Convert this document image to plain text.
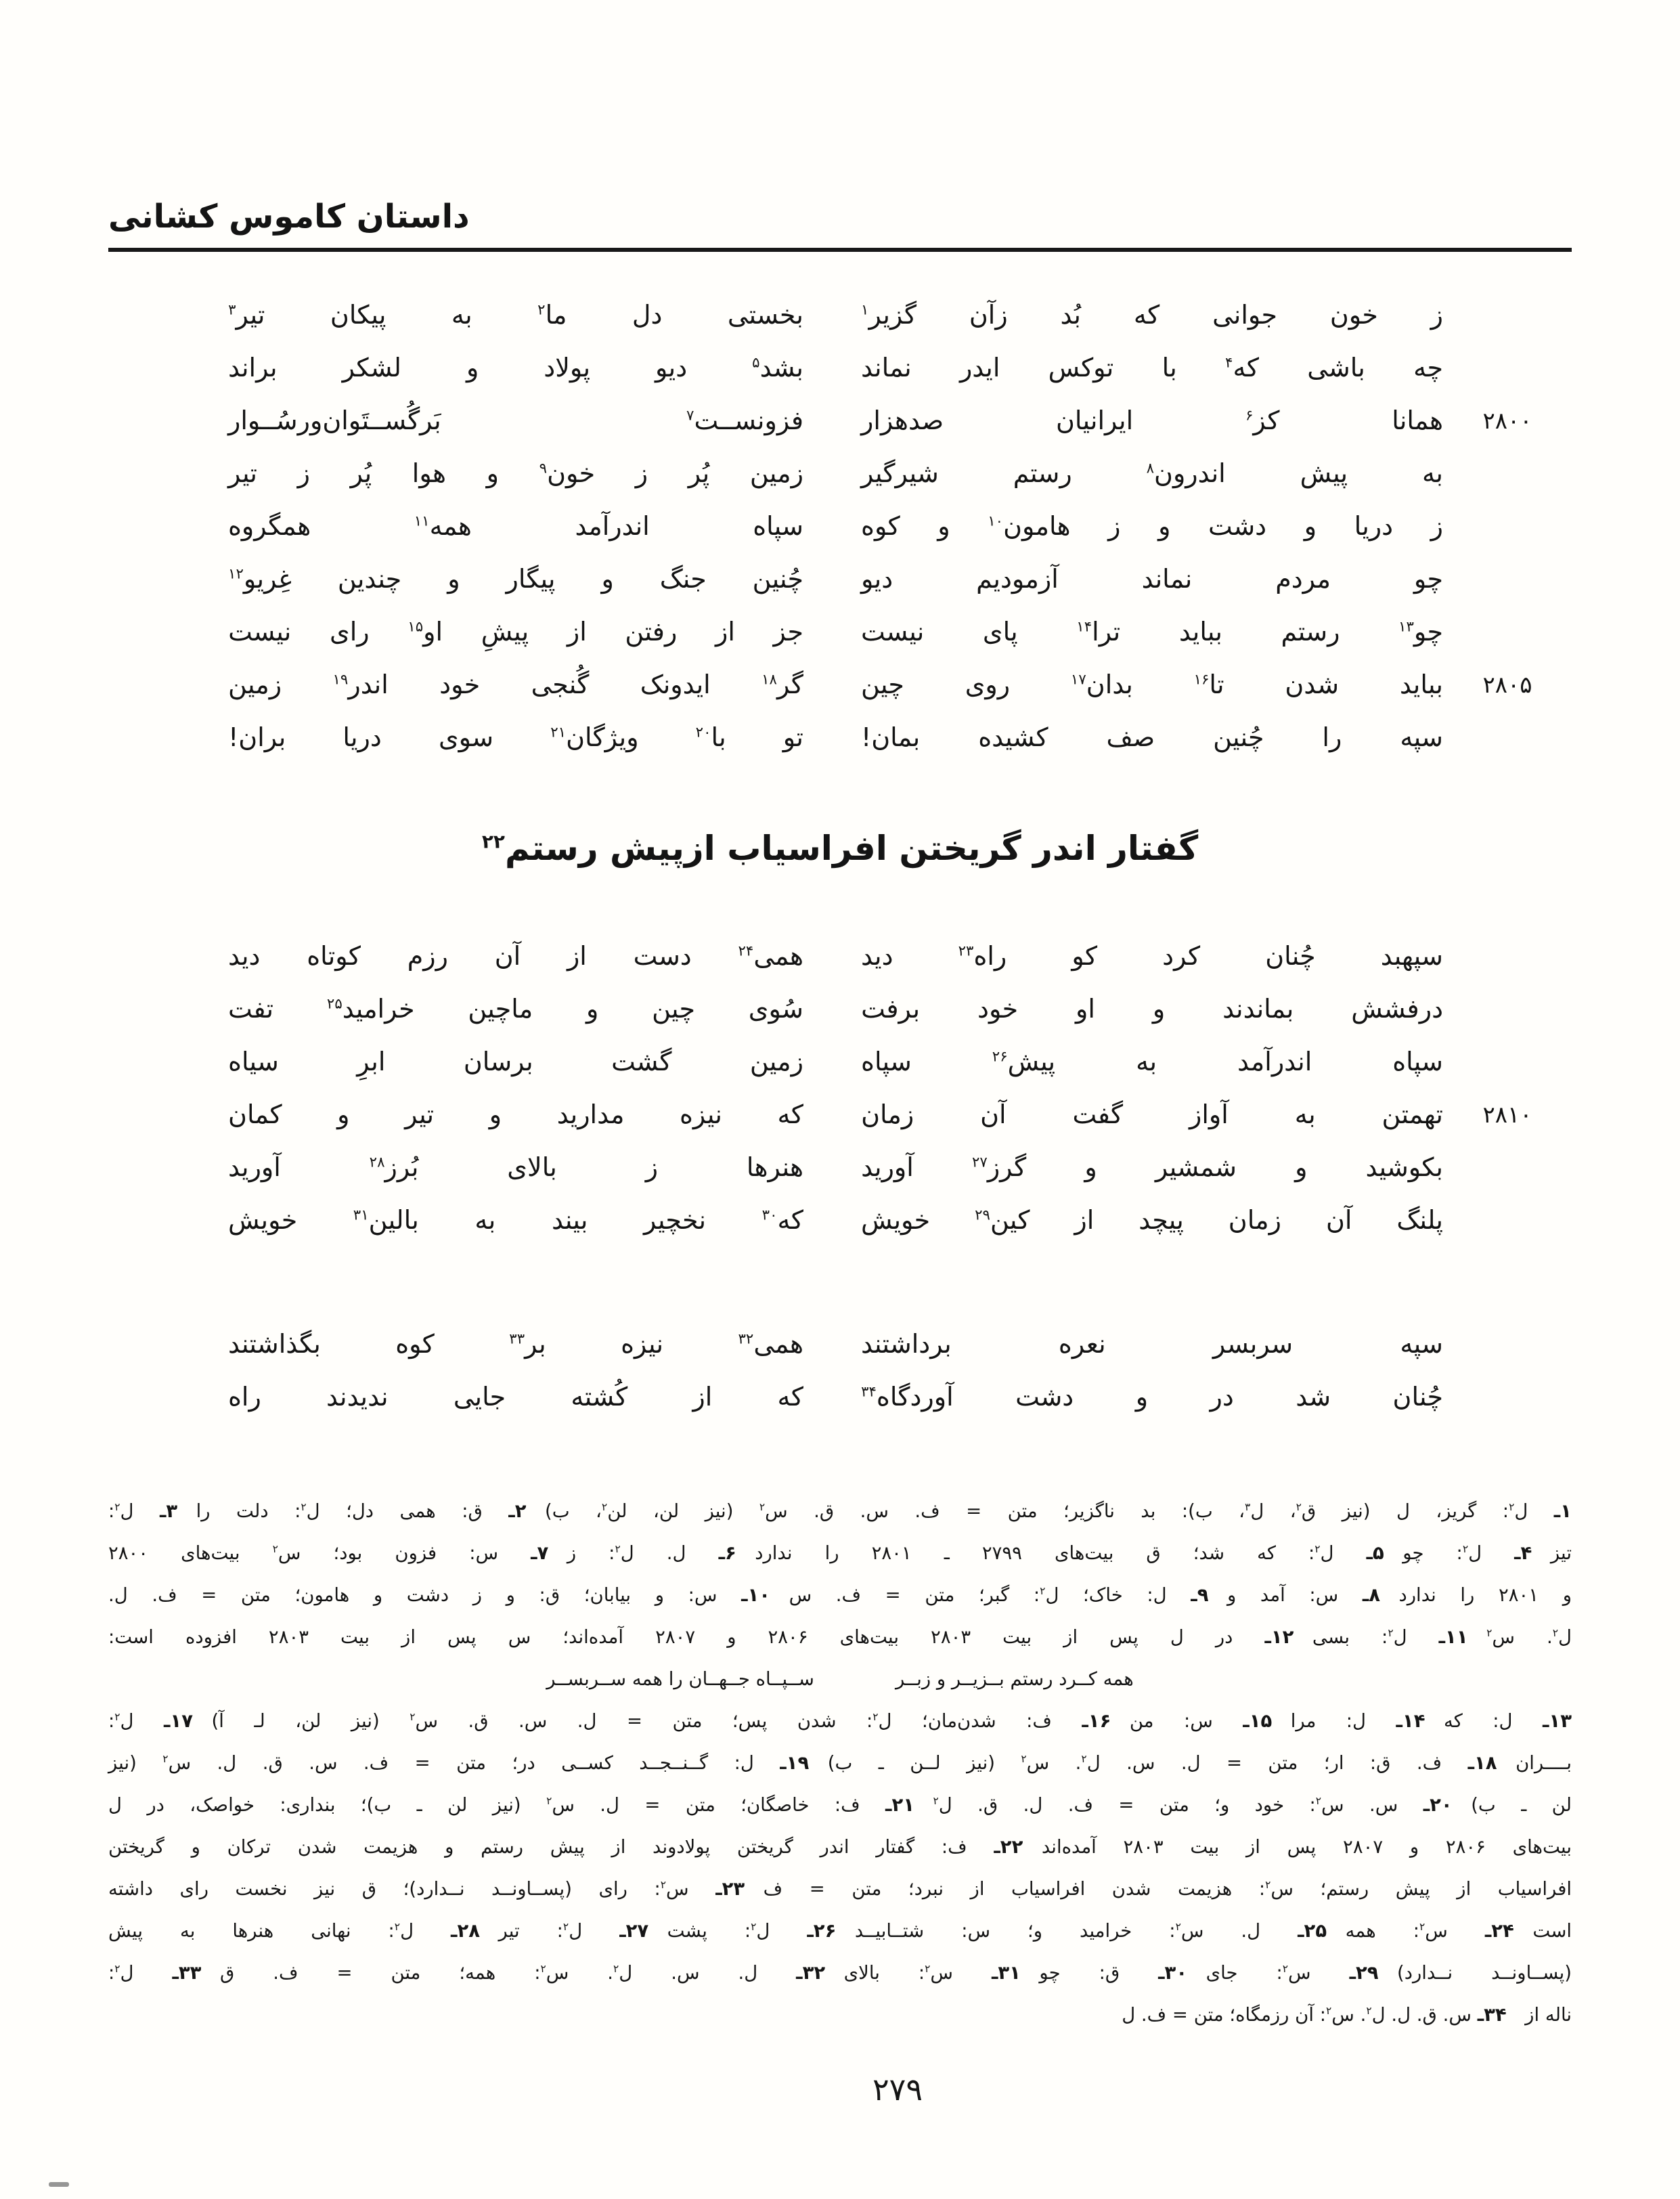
داستان کاموس کشانی
ز
خون
جوانی
که
بُد
زآن
گزیر$^۱$
بخستی
دل
ما$^۲$
به
پیکان
تیر$^۳$
چه
باشی
که$^۴$
با
توکس
ایدر
نماند
بشد$^۵$
دیو
پولاد
و
لشکر
براند
۲۸۰۰
همانا
کز$^۶$
ایرانیان
صدهزار
فزونســت$^۷$
بَرگُســتَوان‌ورسُــوار
به
پیش
اندرون$^۸$
رستم
شیرگیر
زمین
پُر
ز
خون$^۹$
و
هوا
پُر
ز
تیر
ز
دریا
و
دشت
و
ز
هامون$^{۱۰}$
و
کوه
سپاه
اندرآمد
همه$^{۱۱}$
همگروه
چو
مردم
نماند
آزمودیم
دیو
چُنین
جنگ
و
پیگار
و
چندین
غِریو$^{۱۲}$
چو$^{۱۳}$
رستم
بباید
ترا$^{۱۴}$
پای
نیست
جز
از
رفتن
از
پیشِ
او$^{۱۵}$
رای
نیست
۲۸۰۵
بباید
شدن
تا$^{۱۶}$
بدان$^{۱۷}$
روی
چین
گر$^{۱۸}$
ایدونک
گُنجی
خود
اندر$^{۱۹}$
زمین
سپه
را
چُنین
صف
کشیده
بمان!
تو
با$^{۲۰}$
ویژگان$^{۲۱}$
سوی
دریا
بران!
گفتار اندر گریختن افراسیاب ازپیش رستم$^{۲۲}$
سپهبد
چُنان
کرد
کو
راه$^{۲۳}$
دید
همی$^{۲۴}$
دست
از
آن
رزم
کوتاه
دید
درفشش
بماندند
و
او
خود
برفت
سُوی
چین
و
ماچین
خرامید$^{۲۵}$
تفت
سپاه
اندرآمد
به
پیش$^{۲۶}$
سپاه
زمین
گشت
برسان
ابرِ
سیاه
۲۸۱۰
تهمتن
به
آواز
گفت
آن
زمان
که
نیزه
مدارید
و
تیر
و
کمان
بکوشید
و
شمشیر
و
گرز$^{۲۷}$
آورید
هنرها
ز
بالای
بُرز$^{۲۸}$
آورید
پلنگ
آن
زمان
پیچد
از
کین$^{۲۹}$
خویش
که$^{۳۰}$
نخچیر
بیند
به
بالین$^{۳۱}$
خویش
سپه
سربسر
نعره
برداشتند
همی$^{۳۲}$
نیزه
بر$^{۳۳}$
کوه
بگذاشتند
چُنان
شد
در
و
دشت
آوردگاه$^{۳۴}$
که
از
کُشته
جایی
ندیدند
راه
۱ـ ل$^۲$: گریز، ل (نیز ق$^۲$، ل$^۳$، ب): بد ناگزیر؛ متن = ف. س. ق. س$^۲$ (نیز لن، لن$^۲$، ب) ۲ـ ق: همی دل؛ ل$^۲$: دلت را ۳ـ ل$^۲$:
تیز ۴ـ ل$^۲$: چو ۵ـ ل$^۲$: که شد؛ ق بیت‌های ۲۷۹۹ ـ ۲۸۰۱ را ندارد ۶ـ ل. ل$^۲$: ز ۷ـ س: فزون بود؛ س$^۲$ بیت‌های ۲۸۰۰
و ۲۸۰۱ را ندارد ۸ـ س: آمد و ۹ـ ل: خاک؛ ل$^۲$: گبر؛ متن = ف. س ۱۰ـ س: و بیابان؛ ق: و ز دشت و هامون؛ متن = ف. ل.
ل$^۲$. س$^۲$ ۱۱ـ ل$^۲$: بسی ۱۲ـ در ل پس از بیت ۲۸۰۳ بیت‌های ۲۸۰۶ و ۲۸۰۷ آمده‌اند؛ س پس از بیت ۲۸۰۳ افزوده است:
همه کــرد رستم بــزیــر و زبــر
ســپــاه جــهــان را همه ســربســر
۱۳ـ ل: که ۱۴ـ ل: مرا ۱۵ـ س: من ۱۶ـ ف: شدن‌مان؛ ل$^۲$: شدن پس؛ متن = ل. س. ق. س$^۲$ (نیز لن، لـ آ) ۱۷ـ ل$^۲$:
بــــران ۱۸ـ ف. ق: ار؛ متن = ل. س. ل$^۲$. س$^۲$ (نیز لــن ـ ب) ۱۹ـ ل: گــنــجــد کســی در؛ متن = ف. س. ق. ل. س$^۲$ (نیز
لن ـ ب) ۲۰ـ س. س$^۲$: خود و؛ متن = ف. ل. ق. ل$^۲$ ۲۱ـ ف: خاصگان؛ متن = ل. س$^۲$ (نیز لن ـ ب)؛ بنداری: خواصک، در ل
بیت‌های ۲۸۰۶ و ۲۸۰۷ پس از بیت ۲۸۰۳ آمده‌اند ۲۲ـ ف: گفتار اندر گریختن پولادوند از پیش رستم و هزیمت شدن ترکان و گریختن
افراسیاب از پیش رستم؛ س$^۲$: هزیمت شدن افراسیاب از نبرد؛ متن = ف ۲۳ـ س$^۲$: رای (پســاونــد نــدارد)؛ ق نیز نخست رای داشته
است ۲۴ـ س$^۲$: همه ۲۵ـ ل. س$^۲$: خرامید و؛ س: شتــابیــد ۲۶ـ ل$^۲$: پشت ۲۷ـ ل$^۲$: تیر ۲۸ـ ل$^۲$: نهانی هنرها به پیش
(پســاونــد نــدارد) ۲۹ـ س$^۲$: جای ۳۰ـ ق: چو ۳۱ـ س$^۲$: بالای ۳۲ـ ل. س. ل$^۲$. س$^۲$: همه؛ متن = ف. ق ۳۳ـ ل$^۲$:
ناله از ۳۴ـ س. ق. ل. ل$^۲$. س$^۲$: آن رزمگاه؛ متن = ف. ل
۲۷۹
